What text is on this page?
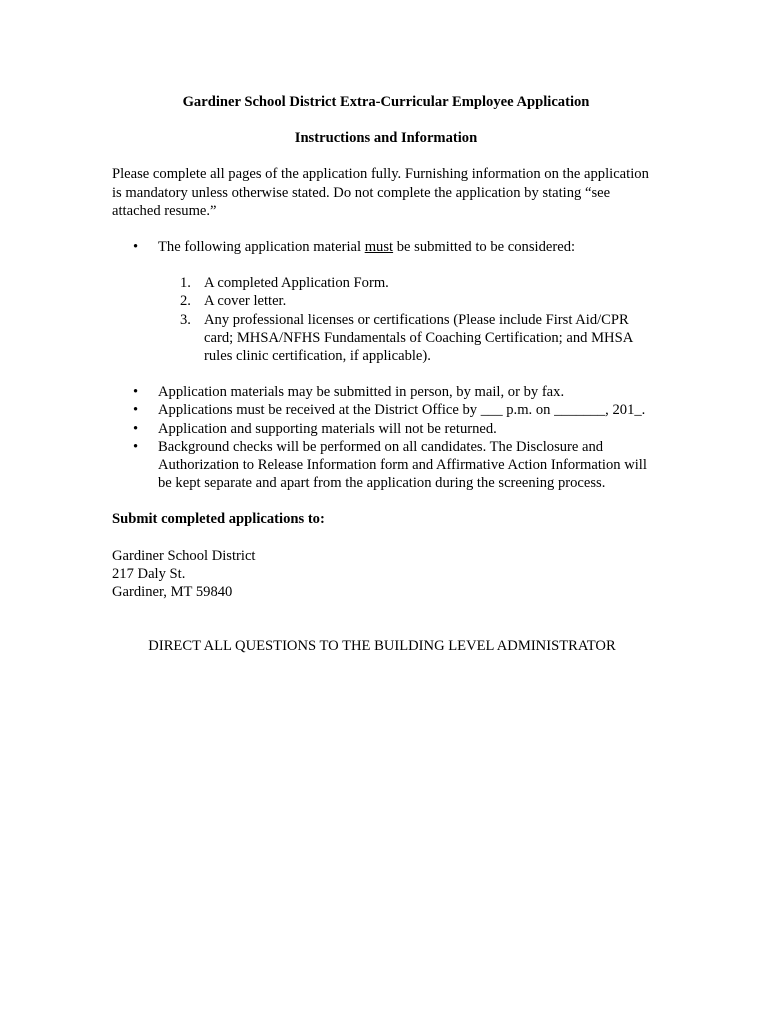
Gardiner School District Extra-Curricular Employee Application
Instructions and Information
Please complete all pages of the application fully. Furnishing information on the application is mandatory unless otherwise stated. Do not complete the application by stating “see attached resume.”
• The following application material must be submitted to be considered:
1. A completed Application Form.
2. A cover letter.
3. Any professional licenses or certifications (Please include First Aid/CPR card; MHSA/NFHS Fundamentals of Coaching Certification; and MHSA rules clinic certification, if applicable).
• Application materials may be submitted in person, by mail, or by fax.
• Applications must be received at the District Office by ___ p.m. on _______, 201_.
• Application and supporting materials will not be returned.
• Background checks will be performed on all candidates. The Disclosure and Authorization to Release Information form and Affirmative Action Information will be kept separate and apart from the application during the screening process.
Submit completed applications to:
Gardiner School District
217 Daly St.
Gardiner, MT 59840
DIRECT ALL QUESTIONS TO THE BUILDING LEVEL ADMINISTRATOR
